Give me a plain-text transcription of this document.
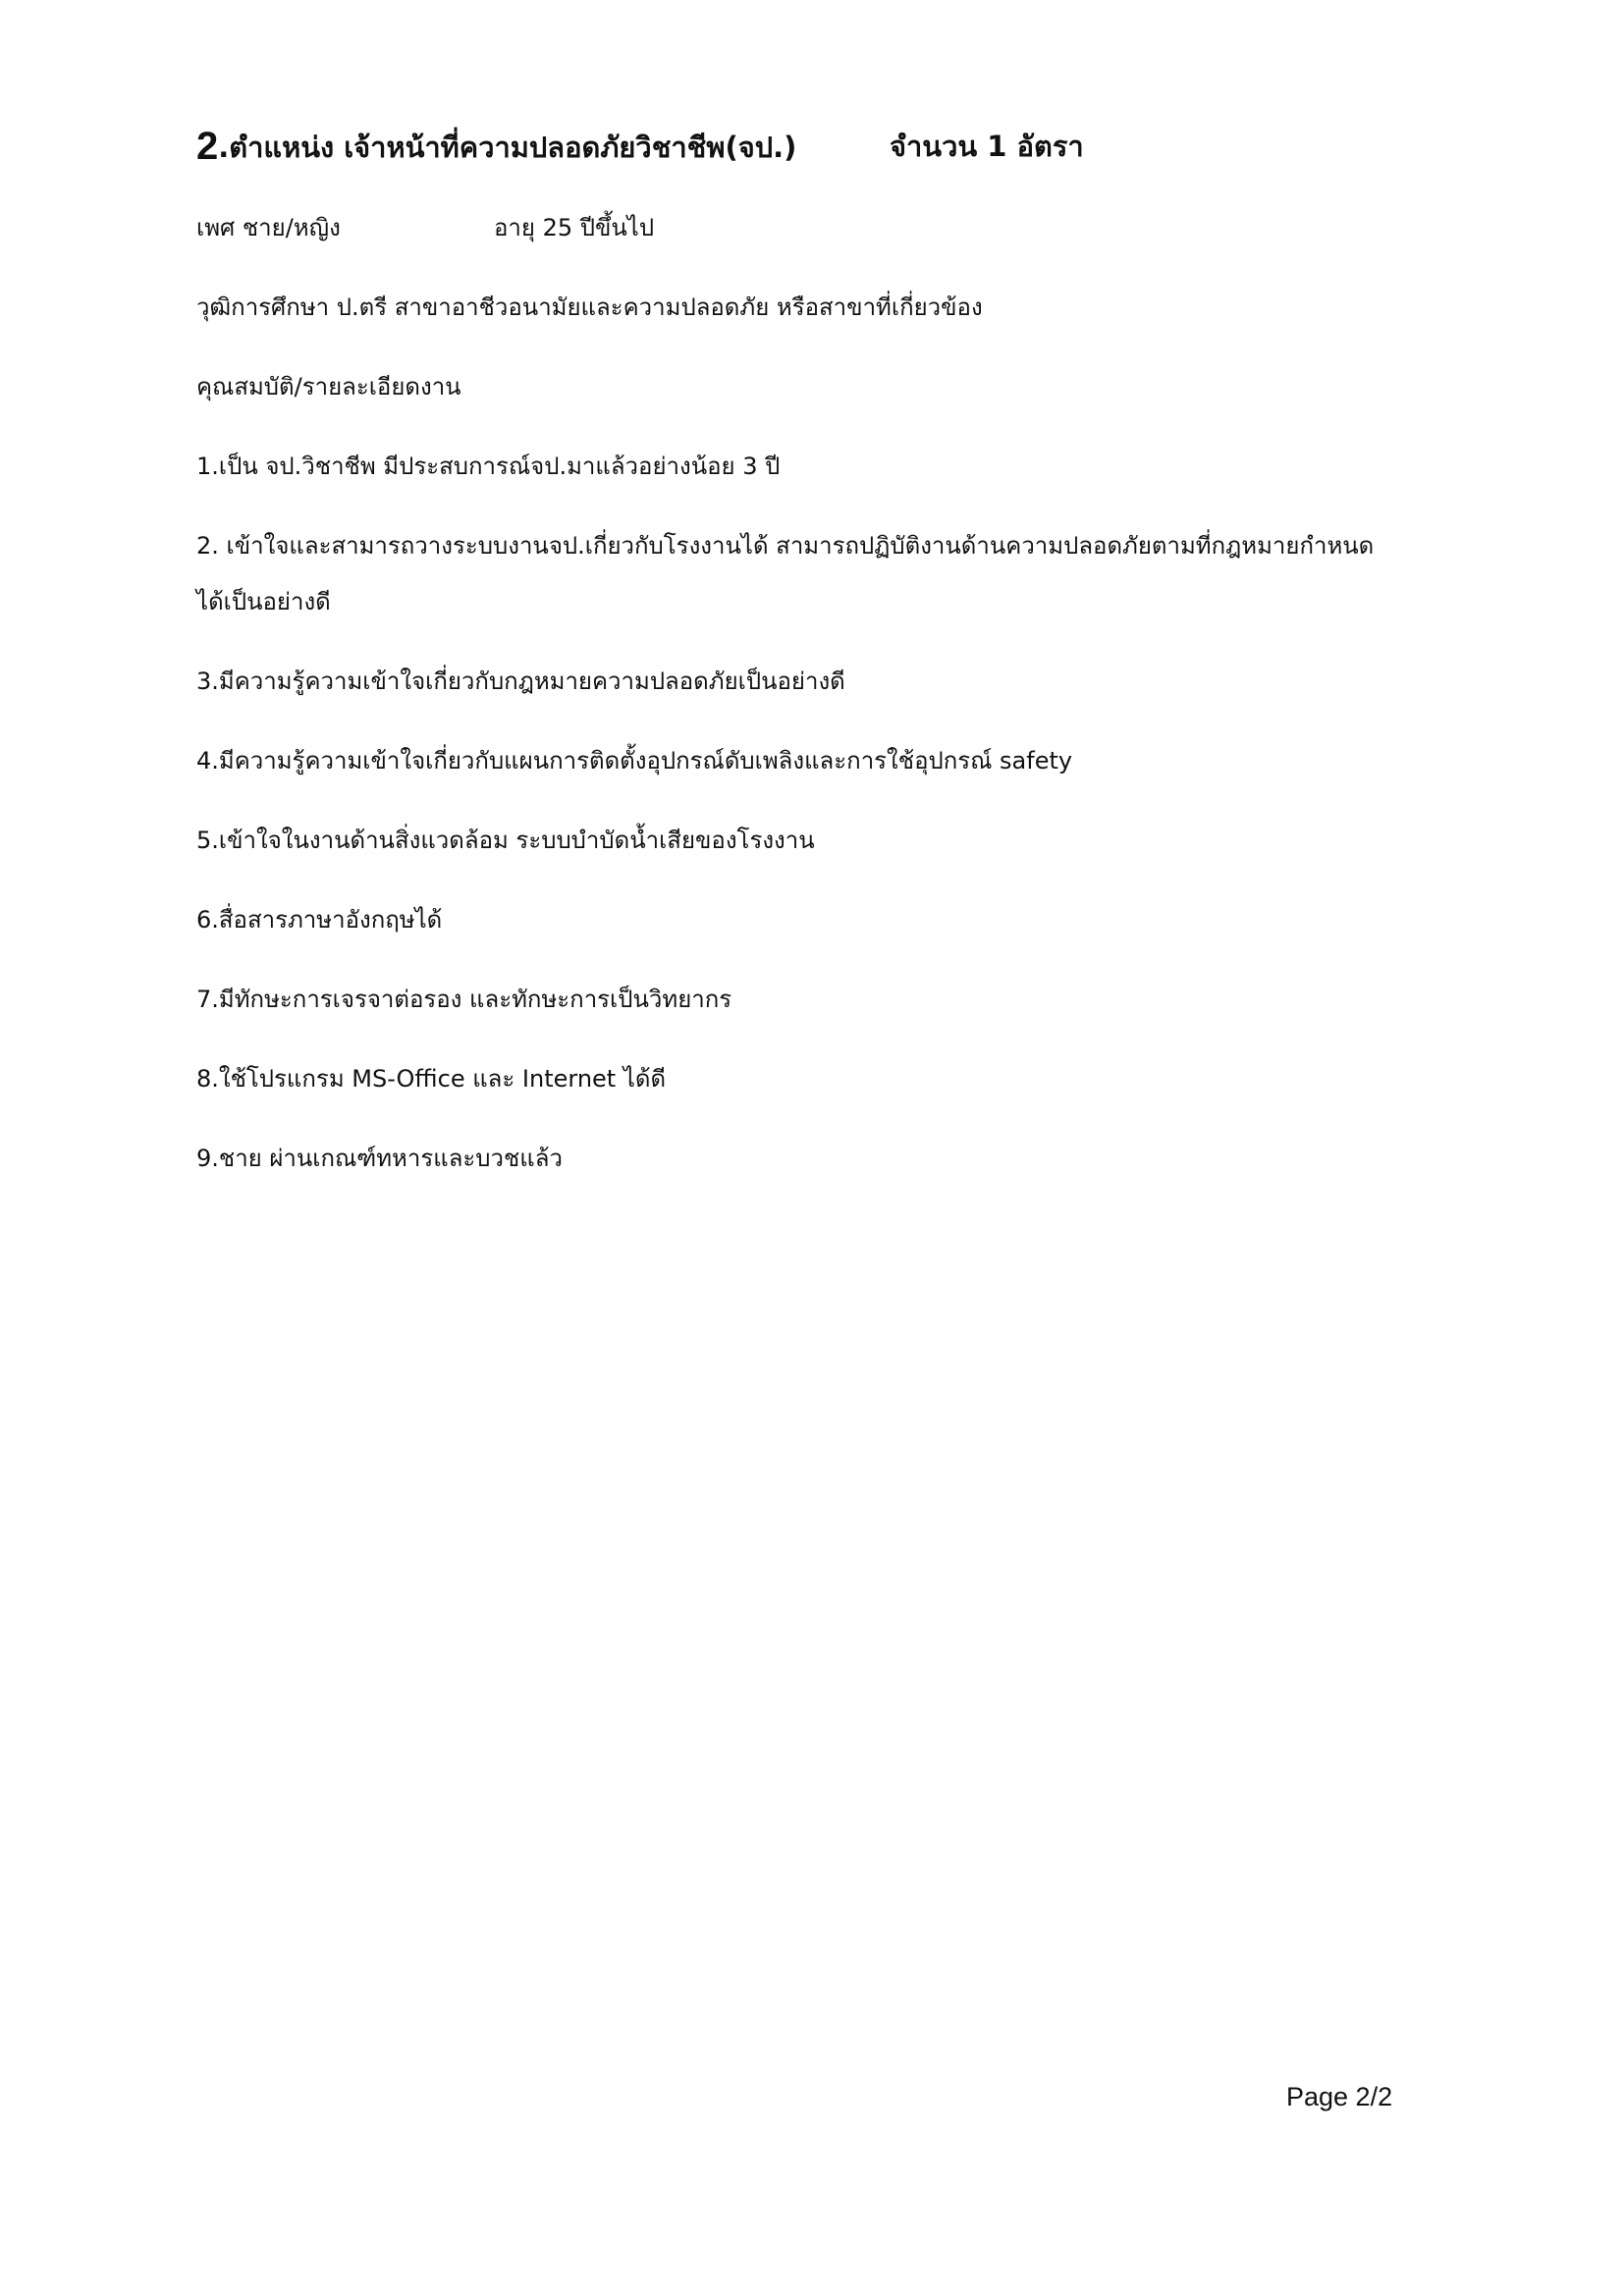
2.ตำแหน่ง เจ้าหน้าที่ความปลอดภัยวิชาชีพ(จป.)	จำนวน 1 อัตรา
เพศ ชาย/หญิง	อายุ 25 ปีขึ้นไป
วุฒิการศึกษา ป.ตรี สาขาอาชีวอนามัยและความปลอดภัย หรือสาขาที่เกี่ยวข้อง
คุณสมบัติ/รายละเอียดงาน
1.เป็น จป.วิชาชีพ มีประสบการณ์จป.มาแล้วอย่างน้อย 3 ปี
2. เข้าใจและสามารถวางระบบงานจป.เกี่ยวกับโรงงานได้ สามารถปฏิบัติงานด้านความปลอดภัยตามที่กฎหมายกำหนด
ได้เป็นอย่างดี
3.มีความรู้ความเข้าใจเกี่ยวกับกฎหมายความปลอดภัยเป็นอย่างดี
4.มีความรู้ความเข้าใจเกี่ยวกับแผนการติดตั้งอุปกรณ์ดับเพลิงและการใช้อุปกรณ์ safety
5.เข้าใจในงานด้านสิ่งแวดล้อม ระบบบำบัดน้ำเสียของโรงงาน
6.สื่อสารภาษาอังกฤษได้
7.มีทักษะการเจรจาต่อรอง และทักษะการเป็นวิทยากร
8.ใช้โปรแกรม MS-Office และ Internet ได้ดี
9.ชาย ผ่านเกณฑ์ทหารและบวชแล้ว
Page 2/2
